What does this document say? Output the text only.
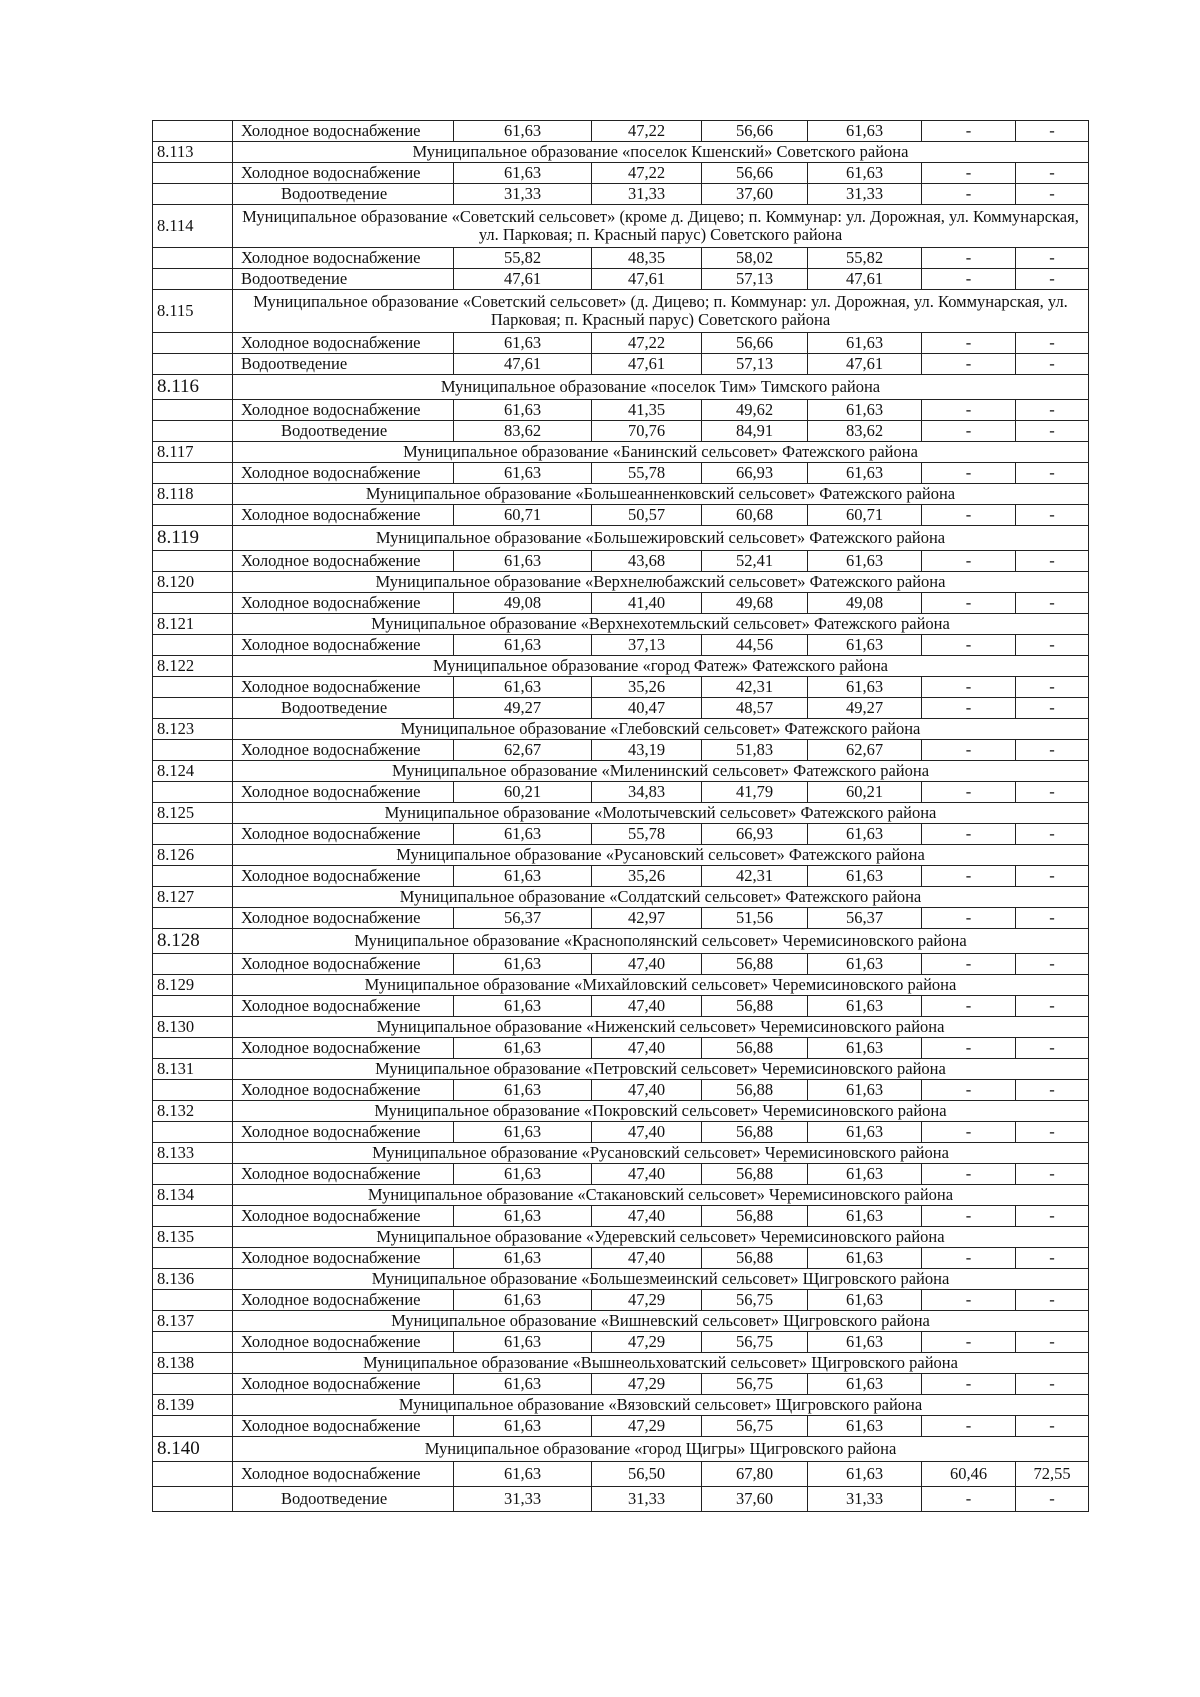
	Холодное водоснабжение	61,63	47,22	56,66	61,63	-	-
8.113	Муниципальное образование «поселок Кшенский» Советского района						
	Холодное водоснабжение	61,63	47,22	56,66	61,63	-	-
	Водоотведение	31,33	31,33	37,60	31,33	-	-
8.114	Муниципальное образование «Советский сельсовет» (кроме д. Дицево; п. Коммунар: ул. Дорожная, ул. Коммунарская, ул. Парковая; п. Красный парус) Советского района						
	Холодное водоснабжение	55,82	48,35	58,02	55,82	-	-
	Водоотведение	47,61	47,61	57,13	47,61	-	-
8.115	Муниципальное образование «Советский сельсовет» (д. Дицево; п. Коммунар: ул. Дорожная, ул. Коммунарская, ул. Парковая; п. Красный парус) Советского района						
	Холодное водоснабжение	61,63	47,22	56,66	61,63	-	-
	Водоотведение	47,61	47,61	57,13	47,61	-	-
8.116	Муниципальное образование «поселок Тим» Тимского района						
	Холодное водоснабжение	61,63	41,35	49,62	61,63	-	-
	Водоотведение	83,62	70,76	84,91	83,62	-	-
8.117	Муниципальное образование «Банинский сельсовет» Фатежского района						
	Холодное водоснабжение	61,63	55,78	66,93	61,63	-	-
8.118	Муниципальное образование «Большеанненковский сельсовет» Фатежского района						
	Холодное водоснабжение	60,71	50,57	60,68	60,71	-	-
8.119	Муниципальное образование «Большежировский сельсовет» Фатежского района						
	Холодное водоснабжение	61,63	43,68	52,41	61,63	-	-
8.120	Муниципальное образование «Верхнелюбажский сельсовет» Фатежского района						
	Холодное водоснабжение	49,08	41,40	49,68	49,08	-	-
8.121	Муниципальное образование «Верхнехотемльский сельсовет» Фатежского района						
	Холодное водоснабжение	61,63	37,13	44,56	61,63	-	-
8.122	Муниципальное образование «город Фатеж» Фатежского района						
	Холодное водоснабжение	61,63	35,26	42,31	61,63	-	-
	Водоотведение	49,27	40,47	48,57	49,27	-	-
8.123	Муниципальное образование «Глебовский сельсовет» Фатежского района						
	Холодное водоснабжение	62,67	43,19	51,83	62,67	-	-
8.124	Муниципальное образование «Миленинский сельсовет» Фатежского района						
	Холодное водоснабжение	60,21	34,83	41,79	60,21	-	-
8.125	Муниципальное образование «Молотычевский сельсовет» Фатежского района						
	Холодное водоснабжение	61,63	55,78	66,93	61,63	-	-
8.126	Муниципальное образование «Русановский сельсовет» Фатежского района						
	Холодное водоснабжение	61,63	35,26	42,31	61,63	-	-
8.127	Муниципальное образование «Солдатский сельсовет» Фатежского района						
	Холодное водоснабжение	56,37	42,97	51,56	56,37	-	-
8.128	Муниципальное образование «Краснополянский сельсовет» Черемисиновского района						
	Холодное водоснабжение	61,63	47,40	56,88	61,63	-	-
8.129	Муниципальное образование «Михайловский сельсовет» Черемисиновского района						
	Холодное водоснабжение	61,63	47,40	56,88	61,63	-	-
8.130	Муниципальное образование «Ниженский сельсовет» Черемисиновского района						
	Холодное водоснабжение	61,63	47,40	56,88	61,63	-	-
8.131	Муниципальное образование «Петровский сельсовет» Черемисиновского района						
	Холодное водоснабжение	61,63	47,40	56,88	61,63	-	-
8.132	Муниципальное образование «Покровский сельсовет» Черемисиновского района						
	Холодное водоснабжение	61,63	47,40	56,88	61,63	-	-
8.133	Муниципальное образование «Русановский сельсовет» Черемисиновского района						
	Холодное водоснабжение	61,63	47,40	56,88	61,63	-	-
8.134	Муниципальное образование «Стакановский сельсовет» Черемисиновского района						
	Холодное водоснабжение	61,63	47,40	56,88	61,63	-	-
8.135	Муниципальное образование «Удеревский сельсовет» Черемисиновского района						
	Холодное водоснабжение	61,63	47,40	56,88	61,63	-	-
8.136	Муниципальное образование «Большезмеинский сельсовет» Щигровского района						
	Холодное водоснабжение	61,63	47,29	56,75	61,63	-	-
8.137	Муниципальное образование «Вишневский сельсовет» Щигровского района						
	Холодное водоснабжение	61,63	47,29	56,75	61,63	-	-
8.138	Муниципальное образование «Вышнеольховатский сельсовет» Щигровского района						
	Холодное водоснабжение	61,63	47,29	56,75	61,63	-	-
8.139	Муниципальное образование «Вязовский сельсовет» Щигровского района						
	Холодное водоснабжение	61,63	47,29	56,75	61,63	-	-
8.140	Муниципальное образование «город Щигры» Щигровского района						
	Холодное водоснабжение	61,63	56,50	67,80	61,63	60,46	72,55
	Водоотведение	31,33	31,33	37,60	31,33	-	-
